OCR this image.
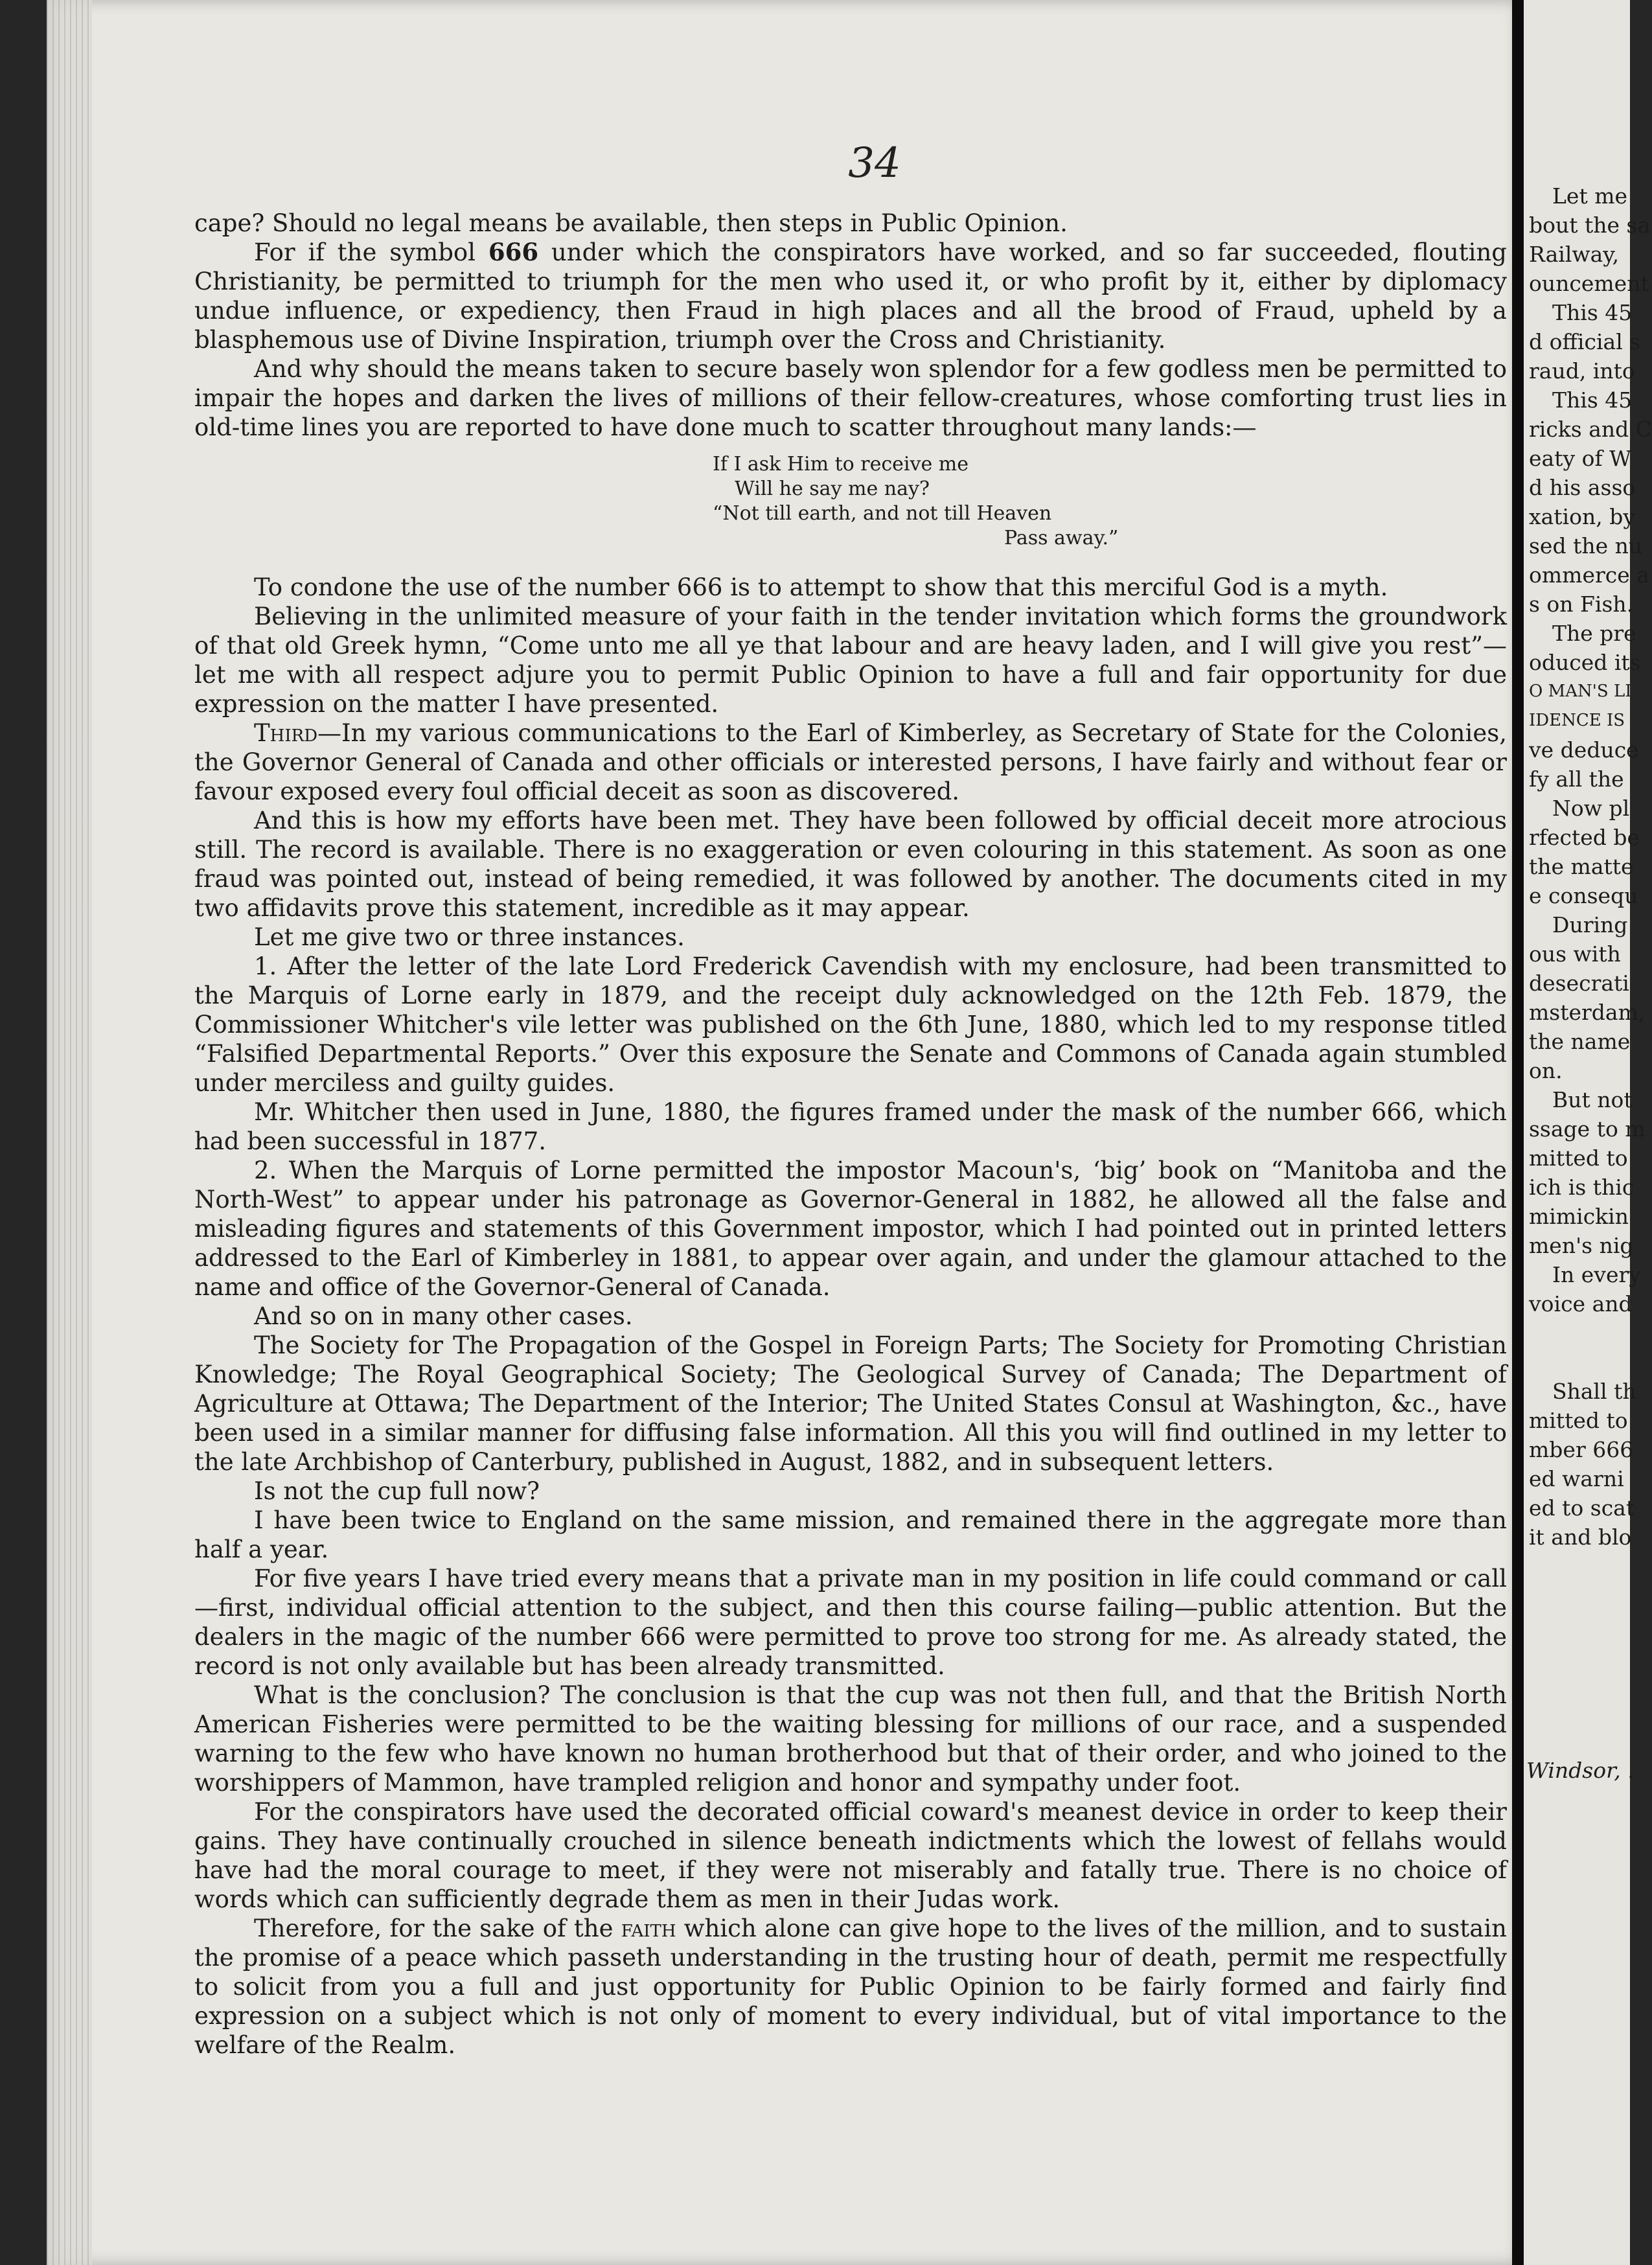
34

cape? Should no legal means be available, then steps in Public Opinion.

For if the symbol 666 under which the conspirators have worked, and so far succeeded, flouting Christianity, be permitted to triumph for the men who used it, or who profit by it, either by diplomacy undue influence, or expediency, then Fraud in high places and all the brood of Fraud, upheld by a blasphemous use of Divine Inspiration, triumph over the Cross and Christianity.

And why should the means taken to secure basely won splendor for a few godless men be permitted to impair the hopes and darken the lives of millions of their fellow-creatures, whose comforting trust lies in old-time lines you are reported to have done much to scatter throughout many lands:—

If I ask Him to receive me
Will he say me nay?
“Not till earth, and not till Heaven
Pass away.”

To condone the use of the number 666 is to attempt to show that this merciful God is a myth.

Believing in the unlimited measure of your faith in the tender invitation which forms the groundwork of that old Greek hymn, “Come unto me all ye that labour and are heavy laden, and I will give you rest”—let me with all respect adjure you to permit Public Opinion to have a full and fair opportunity for due expression on the matter I have presented.

Third—In my various communications to the Earl of Kimberley, as Secretary of State for the Colonies, the Governor General of Canada and other officials or interested persons, I have fairly and without fear or favour exposed every foul official deceit as soon as discovered.

And this is how my efforts have been met. They have been followed by official deceit more atrocious still. The record is available. There is no exaggeration or even colouring in this statement. As soon as one fraud was pointed out, instead of being remedied, it was followed by another. The documents cited in my two affidavits prove this statement, incredible as it may appear.

Let me give two or three instances.

1. After the letter of the late Lord Frederick Cavendish with my enclosure, had been transmitted to the Marquis of Lorne early in 1879, and the receipt duly acknowledged on the 12th Feb. 1879, the Commissioner Whitcher's vile letter was published on the 6th June, 1880, which led to my response titled “Falsified Departmental Reports.” Over this exposure the Senate and Commons of Canada again stumbled under merciless and guilty guides.

Mr. Whitcher then used in June, 1880, the figures framed under the mask of the number 666, which had been successful in 1877.

2. When the Marquis of Lorne permitted the impostor Macoun's, ‘big’ book on “Manitoba and the North-West” to appear under his patronage as Governor-General in 1882, he allowed all the false and misleading figures and statements of this Government impostor, which I had pointed out in printed letters addressed to the Earl of Kimberley in 1881, to appear over again, and under the glamour attached to the name and office of the Governor-General of Canada.

And so on in many other cases.

The Society for The Propagation of the Gospel in Foreign Parts; The Society for Promoting Christian Knowledge; The Royal Geographical Society; The Geological Survey of Canada; The Department of Agriculture at Ottawa; The Department of the Interior; The United States Consul at Washington, &c., have been used in a similar manner for diffusing false information. All this you will find outlined in my letter to the late Archbishop of Canterbury, published in August, 1882, and in subsequent letters.

Is not the cup full now?

I have been twice to England on the same mission, and remained there in the aggregate more than half a year.

For five years I have tried every means that a private man in my position in life could command or call—first, individual official attention to the subject, and then this course failing—public attention. But the dealers in the magic of the number 666 were permitted to prove too strong for me. As already stated, the record is not only available but has been already transmitted.

What is the conclusion? The conclusion is that the cup was not then full, and that the British North American Fisheries were permitted to be the waiting blessing for millions of our race, and a suspended warning to the few who have known no human brotherhood but that of their order, and who joined to the worshippers of Mammon, have trampled religion and honor and sympathy under foot.

For the conspirators have used the decorated official coward's meanest device in order to keep their gains. They have continually crouched in silence beneath indictments which the lowest of fellahs would have had the moral courage to meet, if they were not miserably and fatally true. There is no choice of words which can sufficiently degrade them as men in their Judas work.

Therefore, for the sake of the faith which alone can give hope to the lives of the million, and to sustain the promise of a peace which passeth understanding in the trusting hour of death, permit me respectfully to solicit from you a full and just opportunity for Public Opinion to be fairly formed and fairly find expression on a subject which is not only of moment to every individual, but of vital importance to the welfare of the Realm.

Let me
bout the sa
Railway,
ouncement
This 45
d official s
raud, into
This 45
ricks and C
eaty of W
d his asso
xation, by
sed the nu
ommerce a
s on Fish.
The pre
oduced its
O MAN'S LI
IDENCE IS
ve deduce
fy all the
Now pl
rfected be
the matte
e consequ
During
ous with
desecrati
msterdam,
the name
on.
But not
ssage to m
mitted to
ich is thic
mimickin
men's nig
In every
voice and
Shall th
mitted to
mber 666
ed warni
ed to scat
it and blo
Windsor, .
